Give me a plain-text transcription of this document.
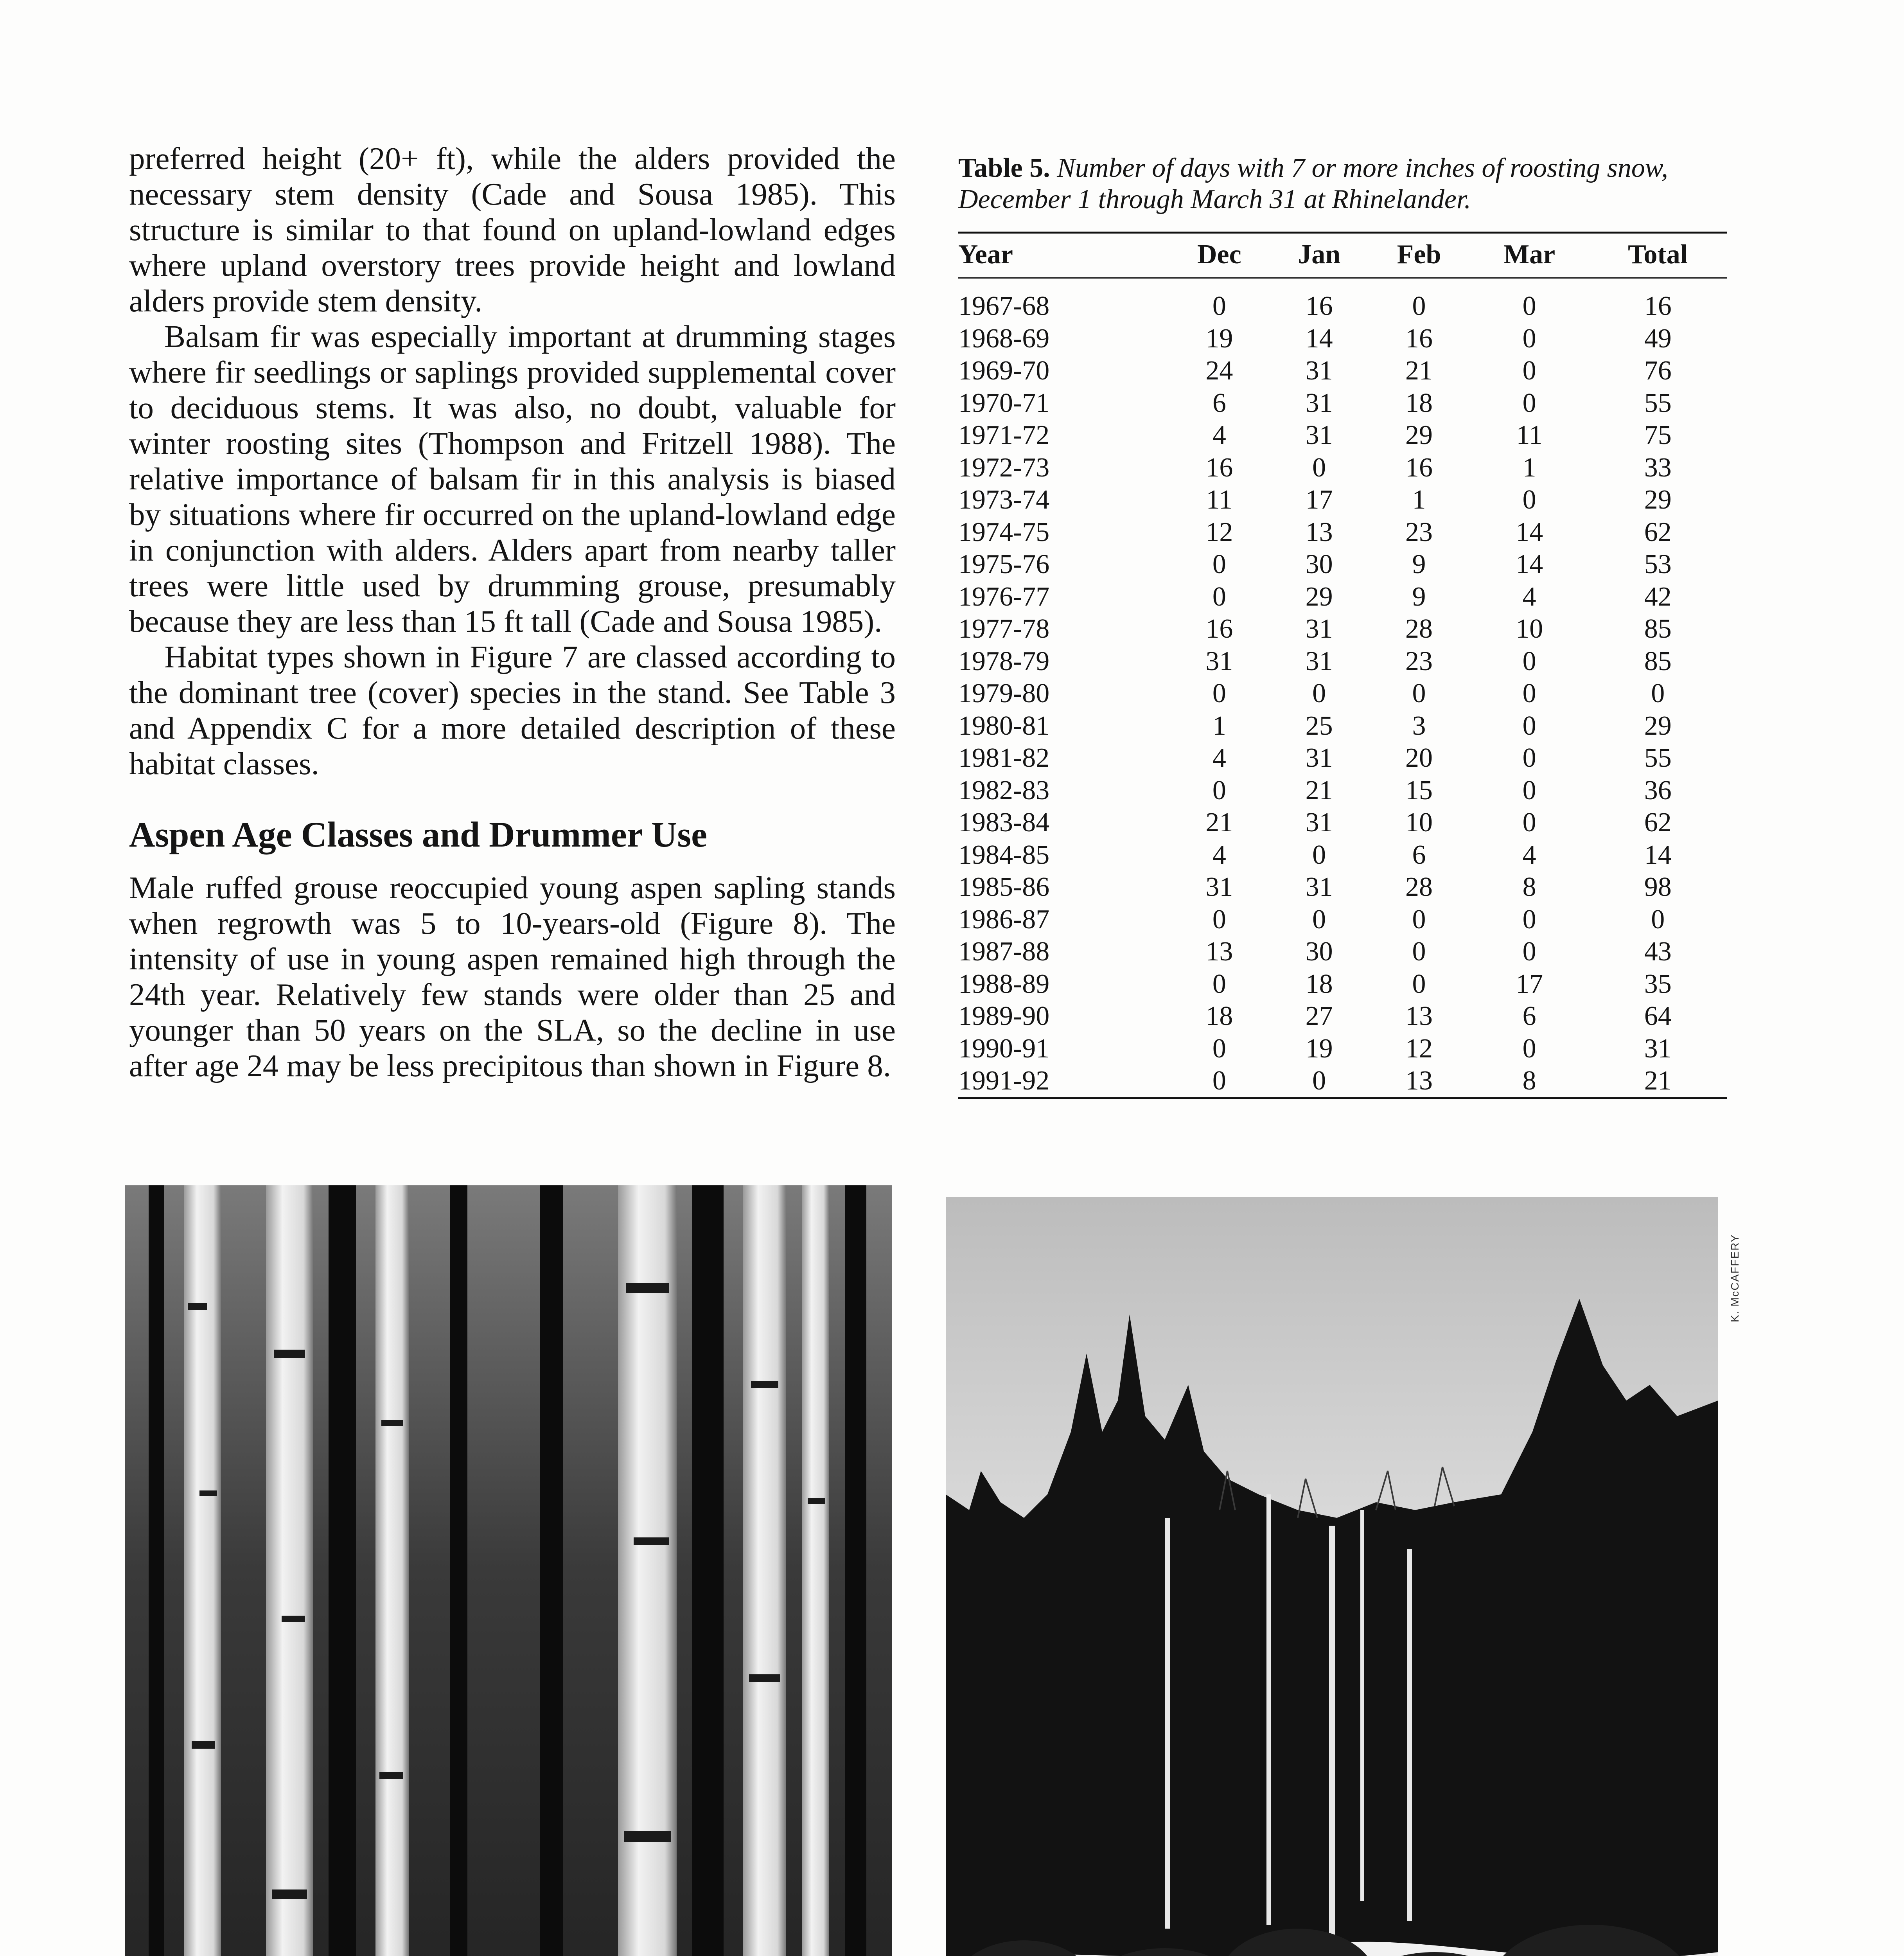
preferred height (20+ ft), while the alders provided the necessary stem density (Cade and Sousa 1985). This structure is similar to that found on upland-lowland edges where upland overstory trees provide height and lowland alders provide stem density.

Balsam fir was especially important at drumming stages where fir seedlings or saplings provided supplemental cover to deciduous stems. It was also, no doubt, valuable for winter roosting sites (Thompson and Fritzell 1988). The relative importance of balsam fir in this analysis is biased by situations where fir occurred on the upland-lowland edge in conjunction with alders. Alders apart from nearby taller trees were little used by drumming grouse, presumably because they are less than 15 ft tall (Cade and Sousa 1985).

Habitat types shown in Figure 7 are classed according to the dominant tree (cover) species in the stand. See Table 3 and Appendix C for a more detailed description of these habitat classes.

Aspen Age Classes and Drummer Use

Male ruffed grouse reoccupied young aspen sapling stands when regrowth was 5 to 10-years-old (Figure 8). The intensity of use in young aspen remained high through the 24th year. Relatively few stands were older than 25 and younger than 50 years on the SLA, so the decline in use after age 24 may be less precipitous than shown in Figure 8.

Table 5. Number of days with 7 or more inches of roosting snow, December 1 through March 31 at Rhinelander.

Year	Dec	Jan	Feb	Mar	Total
1967-68	0	16	0	0	16
1968-69	19	14	16	0	49
1969-70	24	31	21	0	76
1970-71	6	31	18	0	55
1971-72	4	31	29	11	75
1972-73	16	0	16	1	33
1973-74	11	17	1	0	29
1974-75	12	13	23	14	62
1975-76	0	30	9	14	53
1976-77	0	29	9	4	42
1977-78	16	31	28	10	85
1978-79	31	31	23	0	85
1979-80	0	0	0	0	0
1980-81	1	25	3	0	29
1981-82	4	31	20	0	55
1982-83	0	21	15	0	36
1983-84	21	31	10	0	62
1984-85	4	0	6	4	14
1985-86	31	31	28	8	98
1986-87	0	0	0	0	0
1987-88	13	30	0	0	43
1988-89	0	18	0	17	35
1989-90	18	27	13	6	64
1990-91	0	19	12	0	31
1991-92	0	0	13	8	21

K. McCAFFERY
